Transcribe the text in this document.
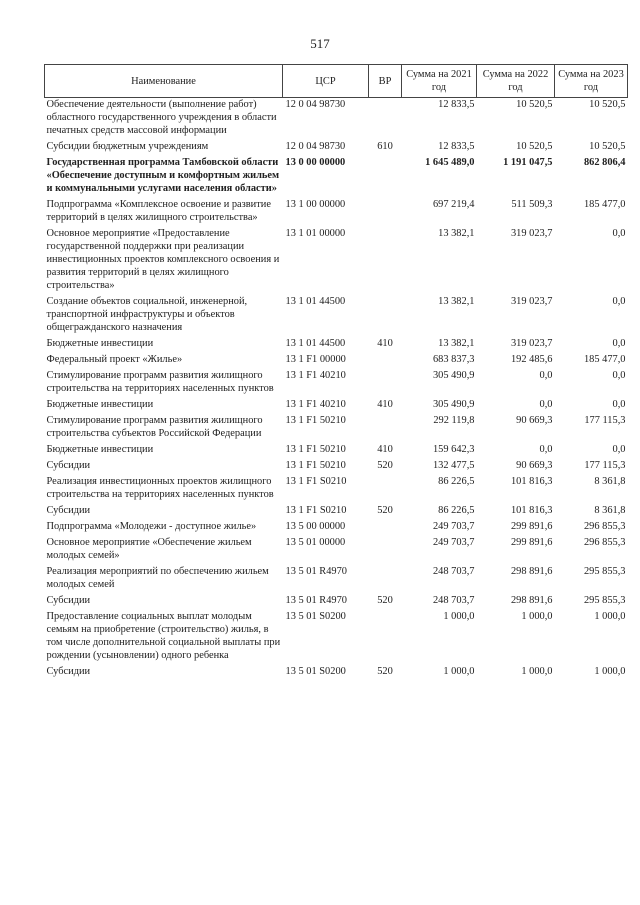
517
Наименование	ЦСР	ВР	Сумма на 2021 год	Сумма на 2022 год	Сумма на 2023 год
Обеспечение деятельности (выполнение работ) областного государственного учреждения в области печатных средств массовой информации	12 0 04 98730		12 833,5	10 520,5	10 520,5
Субсидии бюджетным учреждениям	12 0 04 98730	610	12 833,5	10 520,5	10 520,5
Государственная программа Тамбовской области «Обеспечение доступным и комфортным жильем и коммунальными услугами населения области»	13 0 00 00000		1 645 489,0	1 191 047,5	862 806,4
Подпрограмма «Комплексное освоение и развитие территорий в целях жилищного строительства»	13 1 00 00000		697 219,4	511 509,3	185 477,0
Основное мероприятие «Предоставление государственной поддержки при реализации инвестиционных проектов комплексного освоения и развития территорий в целях жилищного строительства»	13 1 01 00000		13 382,1	319 023,7	0,0
Создание объектов социальной, инженерной, транспортной инфраструктуры и объектов общегражданского назначения	13 1 01 44500		13 382,1	319 023,7	0,0
Бюджетные инвестиции	13 1 01 44500	410	13 382,1	319 023,7	0,0
Федеральный проект «Жилье»	13 1 F1 00000		683 837,3	192 485,6	185 477,0
Стимулирование программ развития жилищного строительства на территориях населенных пунктов	13 1 F1 40210		305 490,9	0,0	0,0
Бюджетные инвестиции	13 1 F1 40210	410	305 490,9	0,0	0,0
Стимулирование программ развития жилищного строительства субъектов Российской Федерации	13 1 F1 50210		292 119,8	90 669,3	177 115,3
Бюджетные инвестиции	13 1 F1 50210	410	159 642,3	0,0	0,0
Субсидии	13 1 F1 50210	520	132 477,5	90 669,3	177 115,3
Реализация инвестиционных проектов жилищного строительства на территориях населенных пунктов	13 1 F1 S0210		86 226,5	101 816,3	8 361,8
Субсидии	13 1 F1 S0210	520	86 226,5	101 816,3	8 361,8
Подпрограмма «Молодежи - доступное жилье»	13 5 00 00000		249 703,7	299 891,6	296 855,3
Основное мероприятие «Обеспечение жильем молодых семей»	13 5 01 00000		249 703,7	299 891,6	296 855,3
Реализация мероприятий по обеспечению жильем молодых семей	13 5 01 R4970		248 703,7	298 891,6	295 855,3
Субсидии	13 5 01 R4970	520	248 703,7	298 891,6	295 855,3
Предоставление социальных выплат молодым семьям на приобретение (строительство) жилья, в том числе дополнительной социальной выплаты при рождении (усыновлении) одного ребенка	13 5 01 S0200		1 000,0	1 000,0	1 000,0
Субсидии	13 5 01 S0200	520	1 000,0	1 000,0	1 000,0
